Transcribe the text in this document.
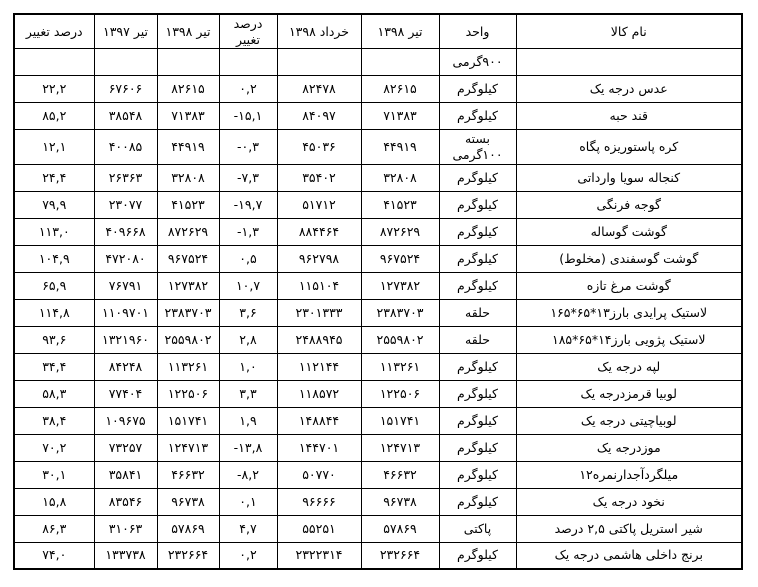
نام کالا	واحد	تیر ۱۳۹۸	خرداد ۱۳۹۸	درصد تغییر	تیر ۱۳۹۸	تیر ۱۳۹۷	درصد تغییر
	۹۰۰گرمی						
عدس درجه یک	کیلوگرم	۸۲۶۱۵	۸۲۴۷۸	۰,۲	۸۲۶۱۵	۶۷۶۰۶	۲۲,۲
قند حبه	کیلوگرم	۷۱۳۸۳	۸۴۰۹۷	-۱۵,۱	۷۱۳۸۳	۳۸۵۴۸	۸۵,۲
کره پاستوریزه پگاه	بسته ۱۰۰گرمی	۴۴۹۱۹	۴۵۰۳۶	-۰,۳	۴۴۹۱۹	۴۰۰۸۵	۱۲,۱
کنجاله سویا وارداتی	کیلوگرم	۳۲۸۰۸	۳۵۴۰۲	-۷,۳	۳۲۸۰۸	۲۶۳۶۳	۲۴,۴
گوجه فرنگی	کیلوگرم	۴۱۵۲۳	۵۱۷۱۲	-۱۹,۷	۴۱۵۲۳	۲۳۰۷۷	۷۹,۹
گوشت گوساله	کیلوگرم	۸۷۲۶۲۹	۸۸۴۴۶۴	-۱,۳	۸۷۲۶۲۹	۴۰۹۶۶۸	۱۱۳,۰
گوشت گوسفندی (مخلوط)	کیلوگرم	۹۶۷۵۲۴	۹۶۲۷۹۸	۰,۵	۹۶۷۵۲۴	۴۷۲۰۸۰	۱۰۴,۹
گوشت مرغ تازه	کیلوگرم	۱۲۷۳۸۲	۱۱۵۱۰۴	۱۰,۷	۱۲۷۳۸۲	۷۶۷۹۱	۶۵,۹
لاستیک پرایدی بارز۱۳*۶۵*۱۶۵	حلقه	۲۳۸۳۷۰۳	۲۳۰۱۳۳۳	۳,۶	۲۳۸۳۷۰۳	۱۱۰۹۷۰۱	۱۱۴,۸
لاستیک پژویی بارز۱۴*۶۵*۱۸۵	حلقه	۲۵۵۹۸۰۲	۲۴۸۸۹۴۵	۲,۸	۲۵۵۹۸۰۲	۱۳۲۱۹۶۰	۹۳,۶
لپه درجه یک	کیلوگرم	۱۱۳۲۶۱	۱۱۲۱۴۴	۱,۰	۱۱۳۲۶۱	۸۴۲۴۸	۳۴,۴
لوبیا قرمزدرجه یک	کیلوگرم	۱۲۲۵۰۶	۱۱۸۵۷۲	۳,۳	۱۲۲۵۰۶	۷۷۴۰۴	۵۸,۳
لوبیاچیتی درجه یک	کیلوگرم	۱۵۱۷۴۱	۱۴۸۸۴۴	۱,۹	۱۵۱۷۴۱	۱۰۹۶۷۵	۳۸,۴
موزدرجه یک	کیلوگرم	۱۲۴۷۱۳	۱۴۴۷۰۱	-۱۳,۸	۱۲۴۷۱۳	۷۳۲۵۷	۷۰,۲
میلگردآجدارنمره۱۲	کیلوگرم	۴۶۶۳۲	۵۰۷۷۰	-۸,۲	۴۶۶۳۲	۳۵۸۴۱	۳۰,۱
نخود درجه یک	کیلوگرم	۹۶۷۳۸	۹۶۶۶۶	۰,۱	۹۶۷۳۸	۸۳۵۴۶	۱۵,۸
شیر استریل پاکتی ۲,۵ درصد	پاکتی	۵۷۸۶۹	۵۵۲۵۱	۴,۷	۵۷۸۶۹	۳۱۰۶۳	۸۶,۳
برنج داخلی هاشمی درجه یک	کیلوگرم	۲۳۲۶۶۴	۲۳۲۲۳۱۴	۰,۲	۲۳۲۶۶۴	۱۳۳۷۳۸	۷۴,۰
